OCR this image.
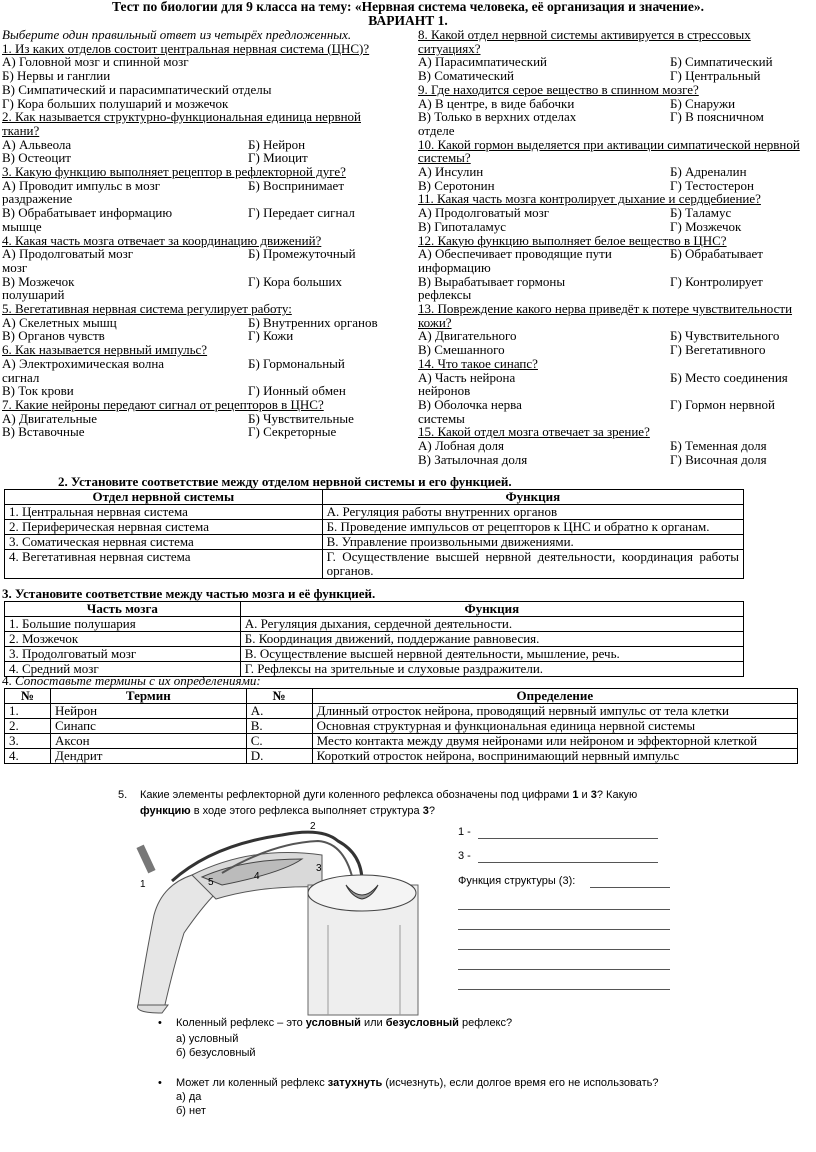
Тест по биологии для 9 класса на тему: «Нервная система человека, её организация и значение».
ВАРИАНТ 1.
Выберите один правильный ответ из четырёх предложенных.
1. Из каких отделов состоит центральная нервная система (ЦНС)?
А) Головной мозг и спинной мозг
Б) Нервы и ганглии
В) Симпатический и парасимпатический отделы
Г) Кора больших полушарий и мозжечок
2. Как называется структурно-функциональная единица нервной ткани?
А) Альвеола	Б) Нейрон
В) Остеоцит	Г) Миоцит
3. Какую функцию выполняет рецептор в рефлекторной дуге?
А) Проводит импульс в мозг	Б) Воспринимает
раздражение
В) Обрабатывает информацию	Г) Передает сигнал
мышце
4. Какая часть мозга отвечает за координацию движений?
А) Продолговатый мозг	Б) Промежуточный
мозг
В) Мозжечок	Г) Кора больших
полушарий
5. Вегетативная нервная система регулирует работу:
А) Скелетных мышц	Б) Внутренних органов
В) Органов чувств	Г) Кожи
6. Как называется нервный импульс?
А) Электрохимическая волна	Б) Гормональный
сигнал
В) Ток крови	Г) Ионный обмен
7. Какие нейроны передают сигнал от рецепторов в ЦНС?
А) Двигательные	Б) Чувствительные
В) Вставочные	Г) Секреторные
8. Какой отдел нервной системы активируется в стрессовых ситуациях?
А) Парасимпатический	Б) Симпатический
В) Соматический	Г) Центральный
9. Где находится серое вещество в спинном мозге?
А) В центре, в виде бабочки	Б) Снаружи
В) Только в верхних отделах	Г) В поясничном
отделе
10. Какой гормон выделяется при активации симпатической нервной системы?
А) Инсулин	Б) Адреналин
В) Серотонин	Г) Тестостерон
11. Какая часть мозга контролирует дыхание и сердцебиение?
А) Продолговатый мозг	Б) Таламус
В) Гипоталамус	Г) Мозжечок
12. Какую функцию выполняет белое вещество в ЦНС?
А) Обеспечивает проводящие пути	Б) Обрабатывает
информацию
В) Вырабатывает гормоны	Г) Контролирует
рефлексы
13. Повреждение какого нерва приведёт к потере чувствительности кожи?
А) Двигательного	Б) Чувствительного
В) Смешанного	Г) Вегетативного
14. Что такое синапс?
А) Часть нейрона	Б) Место соединения
нейронов
В) Оболочка нерва	Г) Гормон нервной
системы
15. Какой отдел мозга отвечает за зрение?
А) Лобная доля	Б) Теменная доля
В) Затылочная доля	Г) Височная доля
2. Установите соответствие между отделом нервной системы и его функцией.
Отдел нервной системы	Функция
1. Центральная нервная система	А. Регуляция работы внутренних органов
2. Периферическая нервная система	Б. Проведение импульсов от рецепторов к ЦНС и обратно к органам.
3. Соматическая нервная система	В. Управление произвольными движениями.
4. Вегетативная нервная система	Г. Осуществление высшей нервной деятельности, координация работы органов.
3. Установите соответствие между частью мозга и её функцией.
Часть мозга	Функция
1. Большие полушария	А. Регуляция дыхания, сердечной деятельности.
2. Мозжечок	Б. Координация движений, поддержание равновесия.
3. Продолговатый мозг	В. Осуществление высшей нервной деятельности, мышление, речь.
4. Средний мозг	Г. Рефлексы на зрительные и слуховые раздражители.
4. Сопоставьте термины с их определениями:
№	Термин	№	Определение
1.	Нейрон	A.	Длинный отросток нейрона, проводящий нервный импульс от тела клетки
2.	Синапс	B.	Основная структурная и функциональная единица нервной системы
3.	Аксон	C.	Место контакта между двумя нейронами или нейроном и эффекторной клеткой
4.	Дендрит	D.	Короткий отросток нейрона, воспринимающий нервный импульс
5. Какие элементы рефлекторной дуги коленного рефлекса обозначены под цифрами 1 и 3? Какую
функцию в ходе этого рефлекса выполняет структура 3?
1
2
3
4
5
1 -
3 -
Функция структуры (3):
• Коленный рефлекс – это условный или безусловный рефлекс?
а) условный
б) безусловный
• Может ли коленный рефлекс затухнуть (исчезнуть), если долгое время его не использовать?
а) да
б) нет
